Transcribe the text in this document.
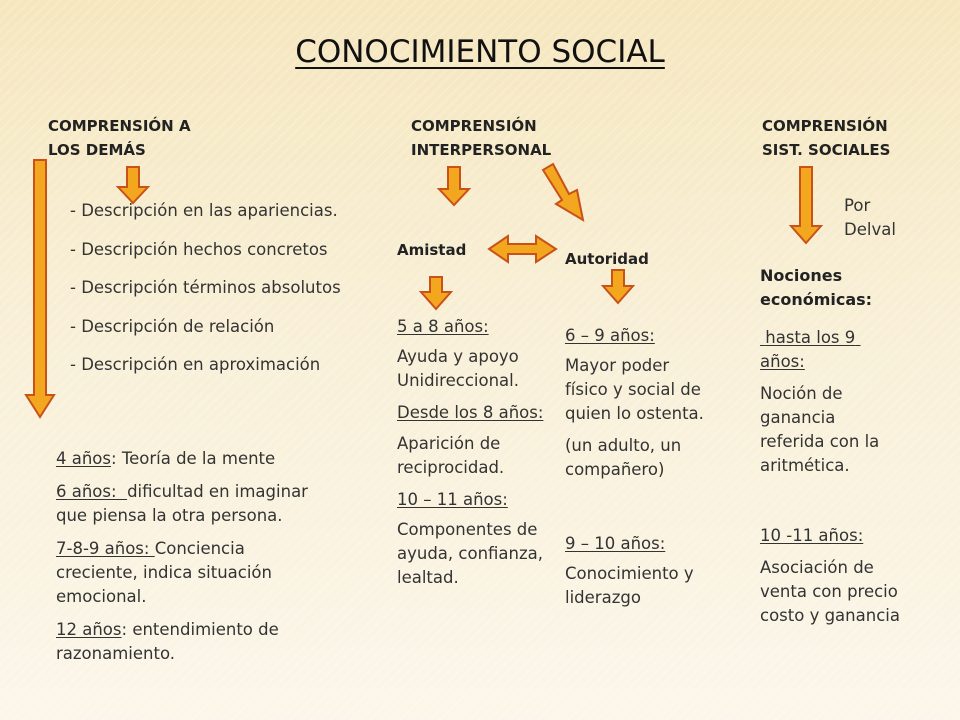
CONOCIMIENTO SOCIAL
COMPRENSIÓN A
LOS DEMÁS
COMPRENSIÓN
INTERPERSONAL
COMPRENSIÓN
SIST. SOCIALES
- Descripción en las apariencias.
- Descripción hechos concretos
- Descripción términos absolutos
- Descripción de relación
- Descripción en aproximación

4 años: Teoría de la mente

6 años:  dificultad en imaginar que piensa la otra persona.

7-8-9 años: Conciencia creciente, indica situación emocional.

12 años: entendimiento de razonamiento.

Amistad

5 a 8 años:

Ayuda y apoyo Unidireccional.

Desde los 8 años:

Aparición de reciprocidad.

10 – 11 años:

Componentes de ayuda, confianza, lealtad.

Autoridad

6 – 9 años:

Mayor poder físico y social de quien lo ostenta.

(un adulto, un compañero)

9 – 10 años:

Conocimiento y liderazgo

Por
Delval
Nociones
económicas:

hasta los 9 años:

Noción de ganancia referida con la aritmética.

10 -11 años:

Asociación de venta con precio costo y ganancia
